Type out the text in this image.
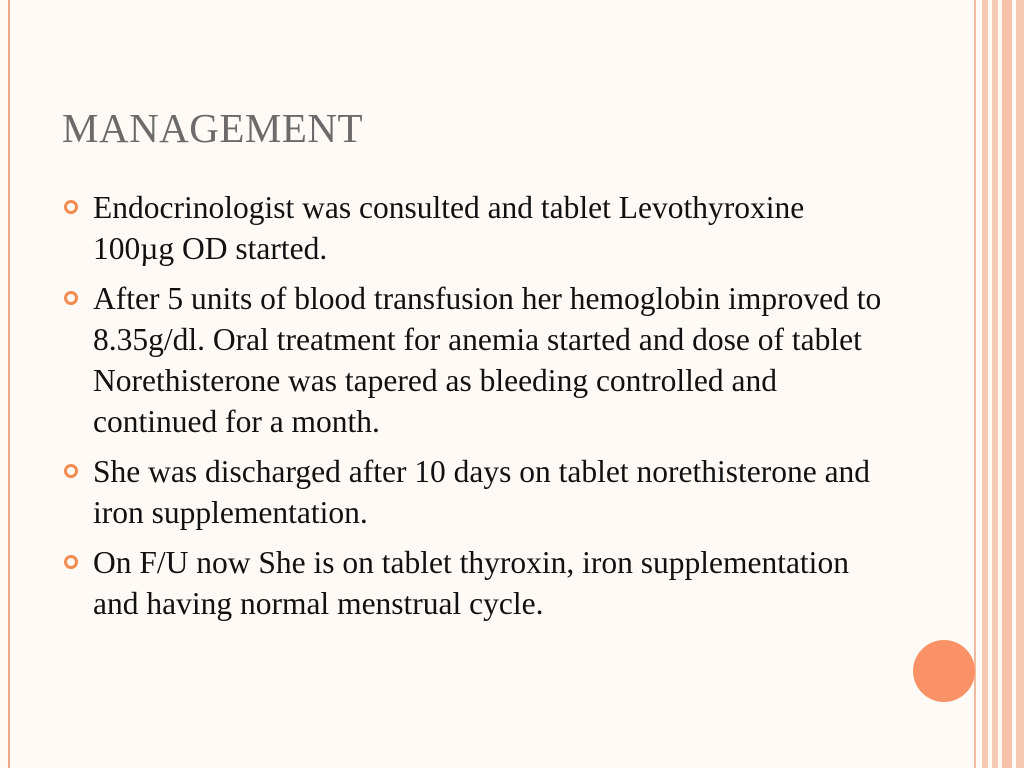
MANAGEMENT
Endocrinologist was consulted and tablet Levothyroxine 100µg OD started.
After 5 units of blood transfusion her hemoglobin improved to 8.35g/dl. Oral treatment for anemia started and dose of tablet Norethisterone was tapered as bleeding controlled and continued for a month.
She was discharged after 10 days on tablet norethisterone and iron supplementation.
On F/U now She is on tablet thyroxin, iron supplementation and having normal menstrual cycle.
